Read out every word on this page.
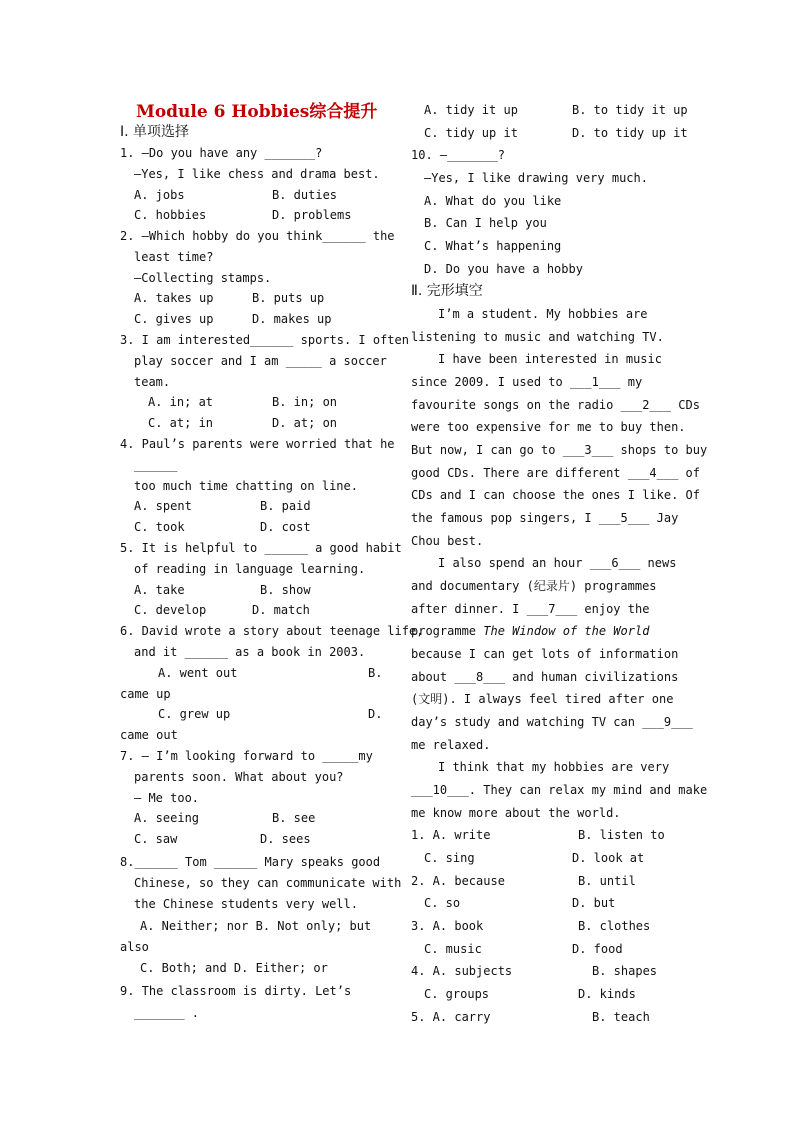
Module 6 Hobbies综合提升
Ⅰ. 单项选择
Ⅱ. 完形填空
1. —Do you have any _______?
—Yes, I like chess and drama best.
A. jobs	B. duties
C. hobbies	D. problems
2. —Which hobby do you think______ the
least time?
—Collecting stamps.
A. takes up	B. puts up
C. gives up	D. makes up
3. I am interested______ sports. I often
play soccer and I am _____ a soccer
team.
A. in; at	B. in; on
C. at; in	D. at; on
4. Paul’s parents were worried that he
______
too much time chatting on line.
A. spent	B. paid
C. took	D. cost
5. It is helpful to ______ a good habit
of reading in language learning.
A. take	B. show
C. develop	D. match
6. David wrote a story about teenage life,
and it ______ as a book in 2003.
A. went out	B.
came up
C. grew up	D.
came out
7. — I’m looking forward to _____my
parents soon. What about you?
— Me too.
A. seeing	B. see
C. saw	D. sees
8.______ Tom ______ Mary speaks good
Chinese, so they can communicate with
the Chinese students very well.
A. Neither; nor B. Not only; but
also
C. Both; and D. Either; or
9. The classroom is dirty. Let’s
_______ .
A. tidy it up	B. to tidy it up
C. tidy up it	D. to tidy up it
10. —_______?
—Yes, I like drawing very much.
A. What do you like
B. Can I help you
C. What’s happening
D. Do you have a hobby
I’m a student. My hobbies are
listening to music and watching TV.
I have been interested in music
since 2009. I used to ___1___ my
favourite songs on the radio ___2___ CDs
were too expensive for me to buy then.
But now, I can go to ___3___ shops to buy
good CDs. There are different ___4___ of
CDs and I can choose the ones I like. Of
the famous pop singers, I ___5___ Jay
Chou best.
I also spend an hour ___6___ news
and documentary (纪录片) programmes
after dinner. I ___7___ enjoy the
programme The Window of the World
because I can get lots of information
about ___8___ and human civilizations
(文明). I always feel tired after one
day’s study and watching TV can ___9___
me relaxed.
I think that my hobbies are very
___10___. They can relax my mind and make
me know more about the world.
1. A. write	B. listen to
C. sing	D. look at
2. A. because	B. until
C. so	D. but
3. A. book	B. clothes
C. music	D. food
4. A. subjects	B. shapes
C. groups	D. kinds
5. A. carry	B. teach
